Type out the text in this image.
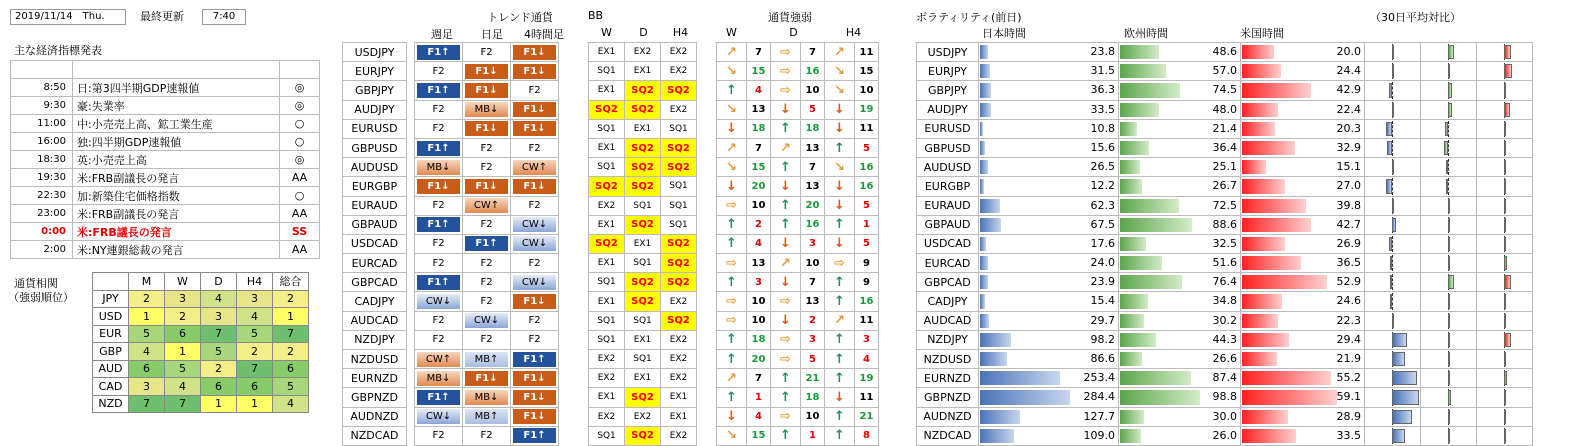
2019/11/14　Thu.	最終更新	7:40
主な経済指標発表

8:50	日:第3四半期GDP速報値	◎
9:30	豪:失業率	◎
11:00	中:小売売上高、鉱工業生産	○
16:00	独:四半期GDP速報値	○
18:30	英:小売売上高	◎
19:30	米:FRB副議長の発言	AA
22:30	加:新築住宅価格指数	○
23:00	米:FRB副議長の発言	AA
0:00	米:FRB議長の発言	SS
2:00	米:NY連銀総裁の発言	AA
通貨相関
（強弱順位）
	M	W	D	H4	総合
JPY	2	3	4	3	2
USD	1	2	3	4	1
EUR	5	6	7	5	7
GBP	4	1	5	2	2
AUD	6	5	2	7	6
CAD	3	4	6	6	5
NZD	7	7	1	1	4
トレンド通貨
週足	日足	4時間足
USDJPY		F1↑	F2	F1↓

EURJPY		F2	F1↓	F1↓

GBPJPY		F1↑	F1↓	F2

AUDJPY		F2	MB↓	F1↓

EURUSD		F2	F1↓	F1↓

GBPUSD		F1↑	F2	F2

AUDUSD		MB↓	F2	CW↑

EURGBP		F1↓	F1↓	F1↓

EURAUD		F2	CW↑	F2

GBPAUD		F1↑	F2	CW↓

USDCAD		F2	F1↑	CW↓

EURCAD		F2	F2	F2

GBPCAD		F1↑	F2	CW↓

CADJPY		CW↓	F2	F1↓

AUDCAD		F2	CW↓	F2

NZDJPY		F2	F2	F2

NZDUSD		CW↑	MB↑	F1↑

EURNZD		MB↓	F1↓	F1↓

GBPNZD		F1↑	MB↓	F1↓

AUDNZD		CW↓	MB↑	F1↓

NZDCAD		F2	F2	F1↑
BB
W	D	H4
EX1	EX2	EX2
SQ1	EX1	EX2
EX1	SQ2	SQ2
SQ2	SQ2	EX2
SQ1	EX1	SQ1
EX1	SQ2	SQ2
SQ1	SQ2	SQ2
SQ2	SQ2	SQ1
EX2	SQ1	SQ1
EX1	SQ2	SQ1
SQ2	EX1	SQ2
EX1	SQ1	SQ2
SQ1	SQ2	SQ2
EX1	SQ2	EX2
SQ1	SQ1	SQ2
SQ1	EX1	EX2
EX2	SQ1	EX2
EX2	EX1	EX2
EX1	SQ2	EX1
EX2	EX2	EX1
SQ1	SQ2	EX2
通貨強弱
W	D	H4
↗	7	⇨	7	↗	11
↘	15	⇨	16	↘	15
↑	4	⇨	10	↘	10
↘	13	↓	5	↓	19
↓	18	↑	18	↓	11
↗	7	↗	13	↑	5
↘	15	↑	7	↘	16
↓	20	↓	13	↓	16
⇨	10	↑	20	↓	5
↑	2	↑	16	↑	1
↑	4	↓	3	↓	5
⇨	13	↗	10	⇨	9
↑	3	↓	7	↑	9
⇨	10	⇨	13	↑	16
⇨	10	↓	2	↗	11
↑	18	⇨	3	↑	3
↑	20	⇨	5	↑	4
↗	7	↑	21	↑	19
↑	1	↑	18	↓	11
↓	4	⇨	10	↑	21
↘	15	↑	1	↑	8
ボラティリティ(前日)	（30日平均対比）
日本時間	欧州時間	米国時間
USDJPY	23.8	48.6	20.0			

EURJPY	31.5	57.0	24.4			

GBPJPY	36.3	74.5	42.9			

AUDJPY	33.5	48.0	22.4			

EURUSD	10.8	21.4	20.3			

GBPUSD	15.6	36.4	32.9			

AUDUSD	26.5	25.1	15.1			

EURGBP	12.2	26.7	27.0			

EURAUD	62.3	72.5	39.8			

GBPAUD	67.5	88.6	42.7			

USDCAD	17.6	32.5	26.9			

EURCAD	24.0	51.6	36.5			

GBPCAD	23.9	76.4	52.9			

CADJPY	15.4	34.8	24.6			

AUDCAD	29.7	30.2	22.3			

NZDJPY	98.2	44.3	29.4			

NZDUSD	86.6	26.6	21.9			

EURNZD	253.4	87.4	55.2			

GBPNZD	284.4	98.8	59.1			

AUDNZD	127.7	30.0	28.9			

NZDCAD	109.0	26.0	33.5			
